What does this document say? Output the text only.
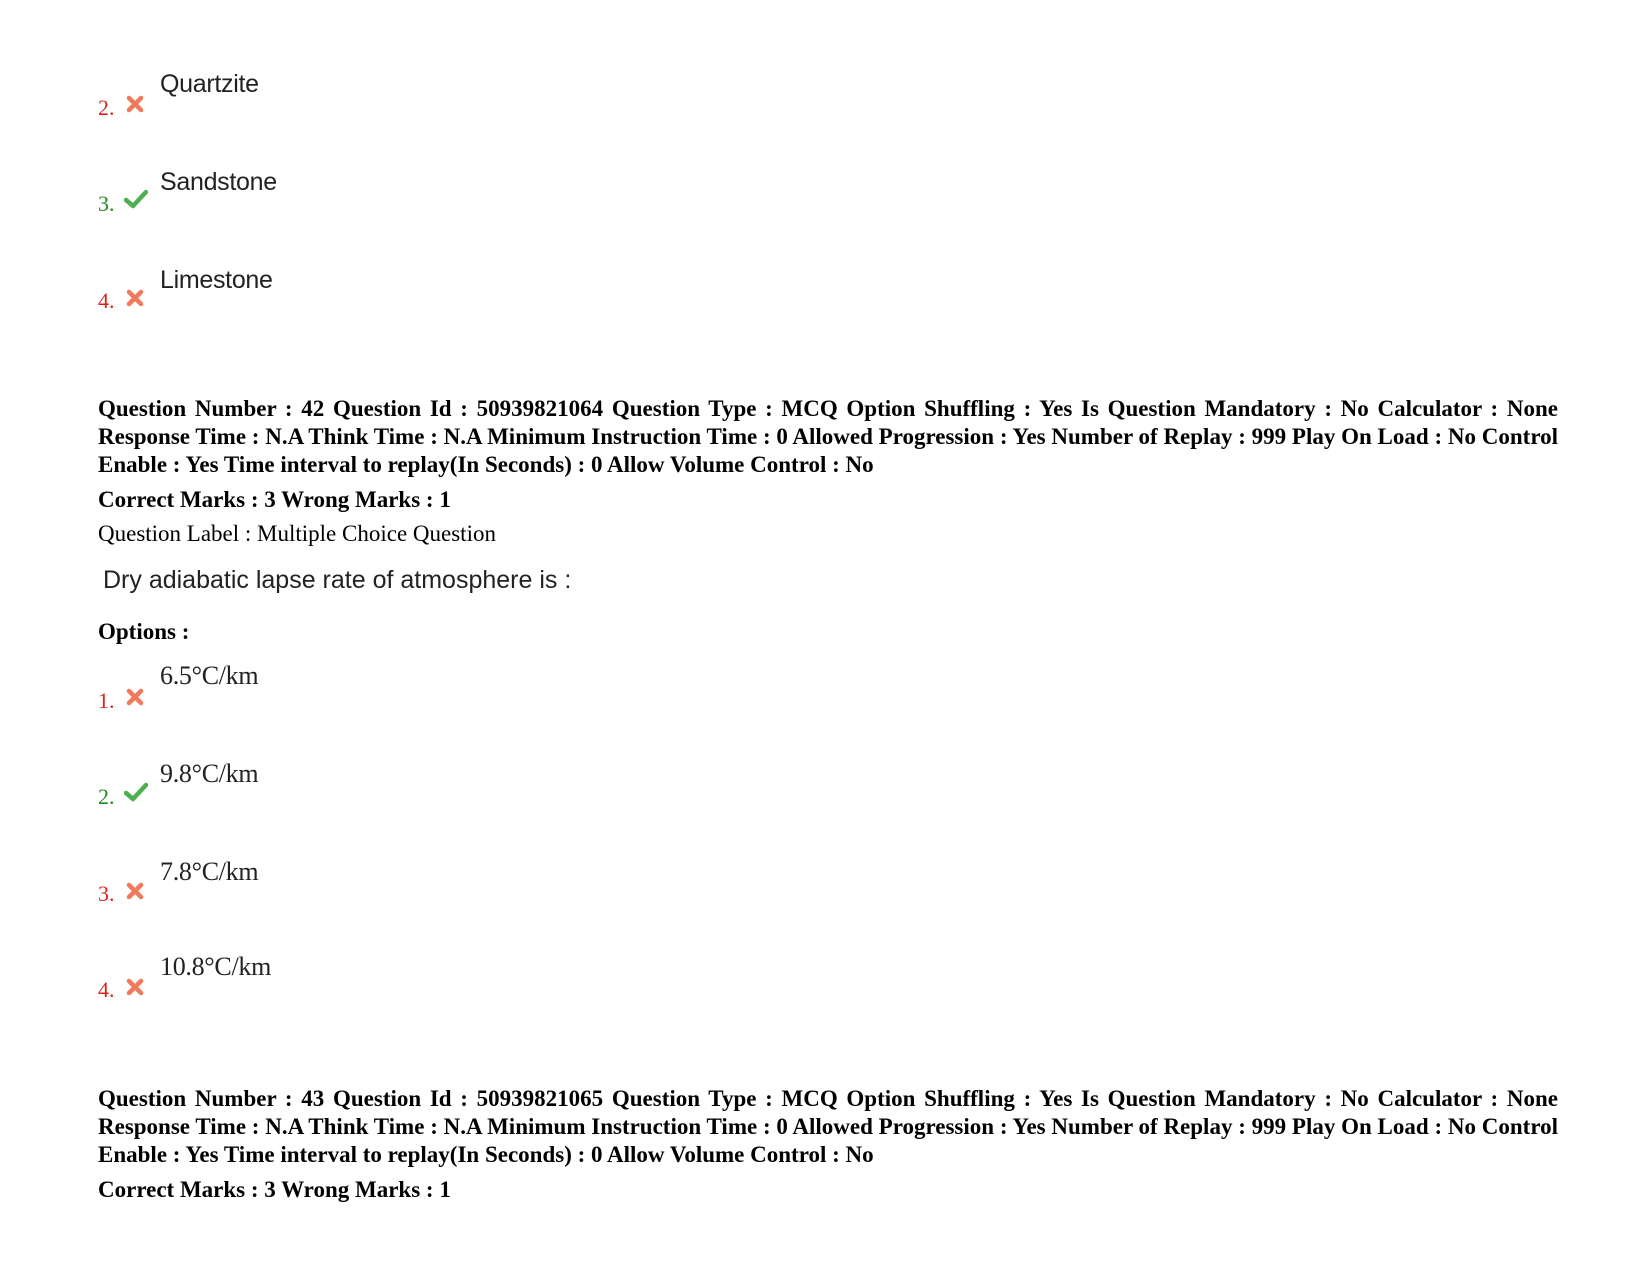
2.
Quartzite
3.
Sandstone
4.
Limestone
Question Number : 42 Question Id : 50939821064 Question Type : MCQ Option Shuffling : Yes Is Question Mandatory : No Calculator : None Response Time : N.A Think Time : N.A Minimum Instruction Time : 0 Allowed Progression : Yes Number of Replay : 999 Play On Load : No Control Enable : Yes Time interval to replay(In Seconds) : 0 Allow Volume Control : No
Correct Marks : 3 Wrong Marks : 1
Question Label : Multiple Choice Question
Dry adiabatic lapse rate of atmosphere is :
Options :
1.
6.5°C/km
2.
9.8°C/km
3.
7.8°C/km
4.
10.8°C/km
Question Number : 43 Question Id : 50939821065 Question Type : MCQ Option Shuffling : Yes Is Question Mandatory : No Calculator : None Response Time : N.A Think Time : N.A Minimum Instruction Time : 0 Allowed Progression : Yes Number of Replay : 999 Play On Load : No Control Enable : Yes Time interval to replay(In Seconds) : 0 Allow Volume Control : No
Correct Marks : 3 Wrong Marks : 1
